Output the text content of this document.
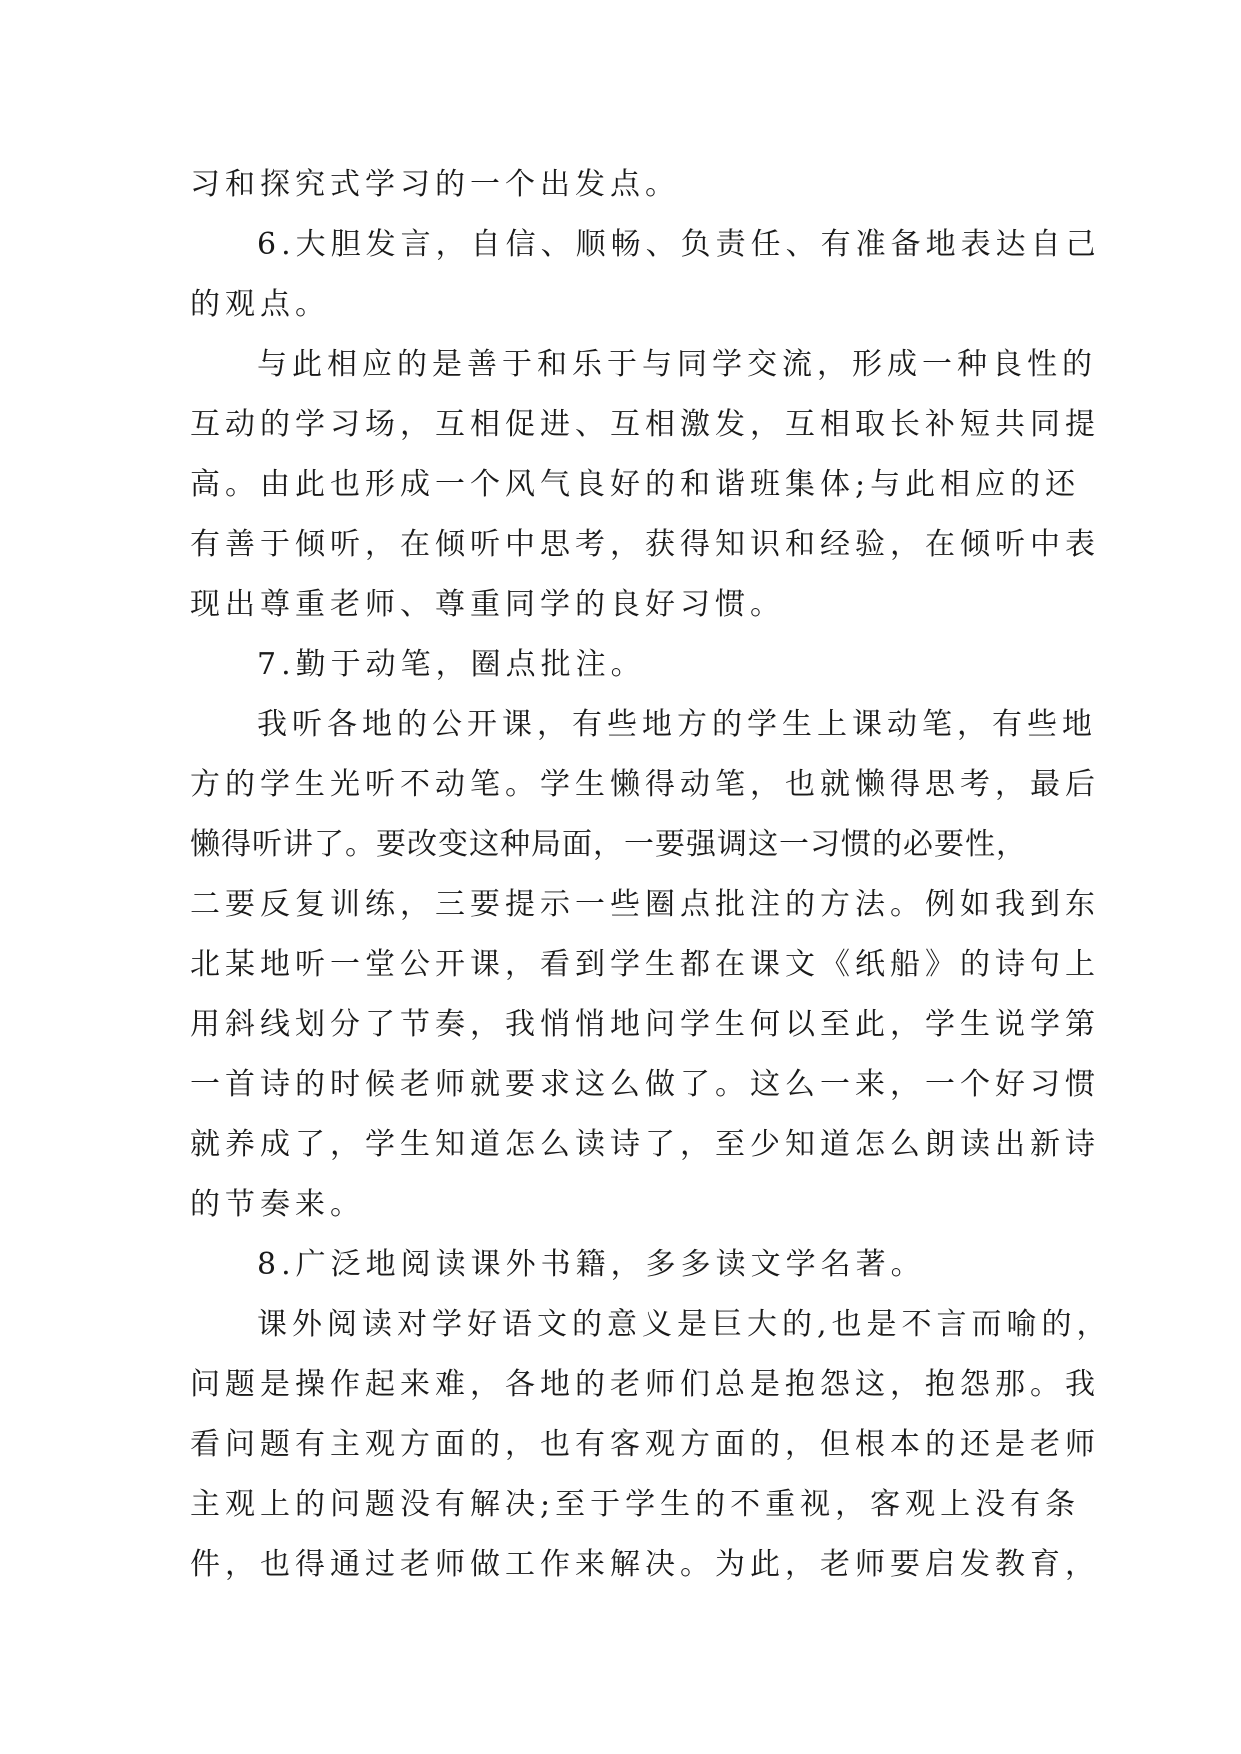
习和探究式学习的一个出发点。
6.大胆发言，自信、顺畅、负责任、有准备地表达自己
的观点。
与此相应的是善于和乐于与同学交流，形成一种良性的
互动的学习场，互相促进、互相激发，互相取长补短共同提
高。由此也形成一个风气良好的和谐班集体;与此相应的还
有善于倾听，在倾听中思考，获得知识和经验，在倾听中表
现出尊重老师、尊重同学的良好习惯。
7.勤于动笔，圈点批注。
我听各地的公开课，有些地方的学生上课动笔，有些地
方的学生光听不动笔。学生懒得动笔，也就懒得思考，最后
懒得听讲了。要改变这种局面，一要强调这一习惯的必要性，
二要反复训练，三要提示一些圈点批注的方法。例如我到东
北某地听一堂公开课，看到学生都在课文《纸船》的诗句上
用斜线划分了节奏，我悄悄地问学生何以至此，学生说学第
一首诗的时候老师就要求这么做了。这么一来，一个好习惯
就养成了，学生知道怎么读诗了，至少知道怎么朗读出新诗
的节奏来。
8.广泛地阅读课外书籍，多多读文学名著。
课外阅读对学好语文的意义是巨大的,也是不言而喻的，
问题是操作起来难，各地的老师们总是抱怨这，抱怨那。我
看问题有主观方面的，也有客观方面的，但根本的还是老师
主观上的问题没有解决;至于学生的不重视，客观上没有条
件，也得通过老师做工作来解决。为此，老师要启发教育，
